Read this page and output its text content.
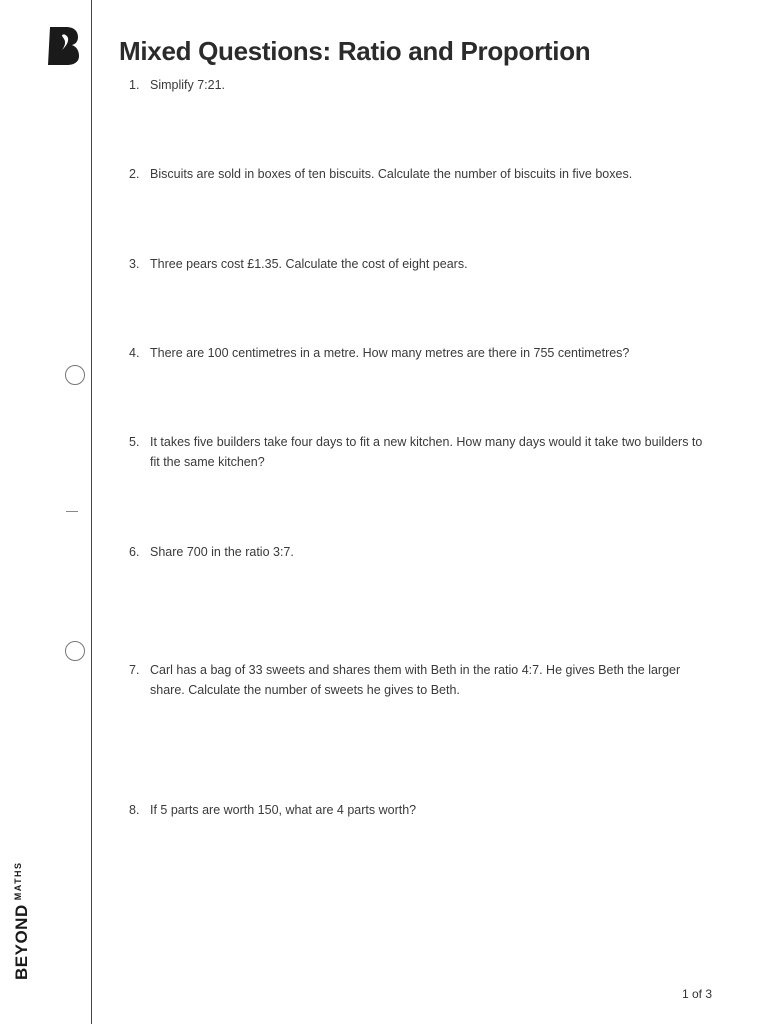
Mixed Questions: Ratio and Proportion
1. Simplify 7:21.
2. Biscuits are sold in boxes of ten biscuits. Calculate the number of biscuits in five boxes.
3. Three pears cost £1.35. Calculate the cost of eight pears.
4. There are 100 centimetres in a metre. How many metres are there in 755 centimetres?
5. It takes five builders take four days to fit a new kitchen. How many days would it take two builders to fit the same kitchen?
6. Share 700 in the ratio 3:7.
7. Carl has a bag of 33 sweets and shares them with Beth in the ratio 4:7. He gives Beth the larger share. Calculate the number of sweets he gives to Beth.
8. If 5 parts are worth 150, what are 4 parts worth?
$BEYOND^{MATHS}$
1 of 3
